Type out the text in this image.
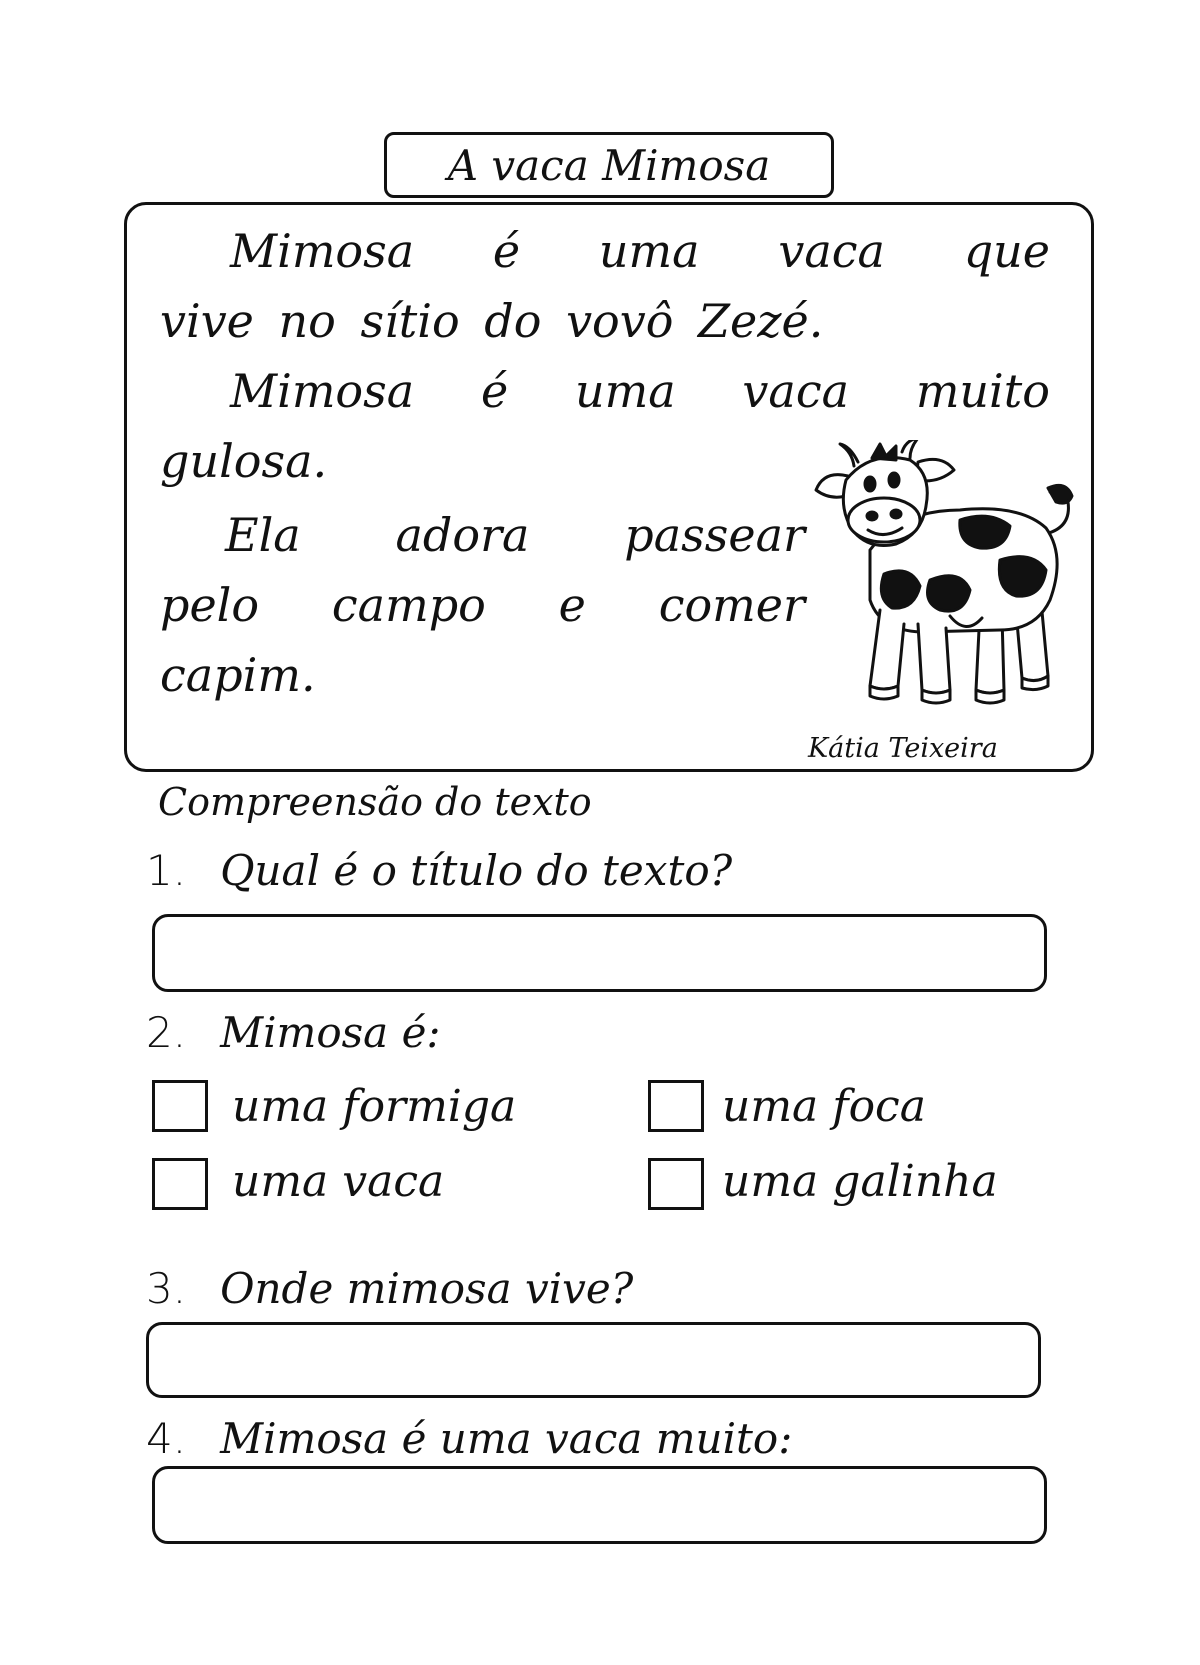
A vaca Mimosa
Mimosa é uma vaca que
vive no sítio do vovô Zezé.
Mimosa é uma vaca muito
gulosa.
Ela adora passear
pelo campo e comer
capim.
Kátia Teixeira
Compreensão do texto
1. Qual é o título do texto?
2. Mimosa é:
uma formiga	uma foca
uma vaca	uma galinha
3. Onde mimosa vive?
4. Mimosa é uma vaca muito:
